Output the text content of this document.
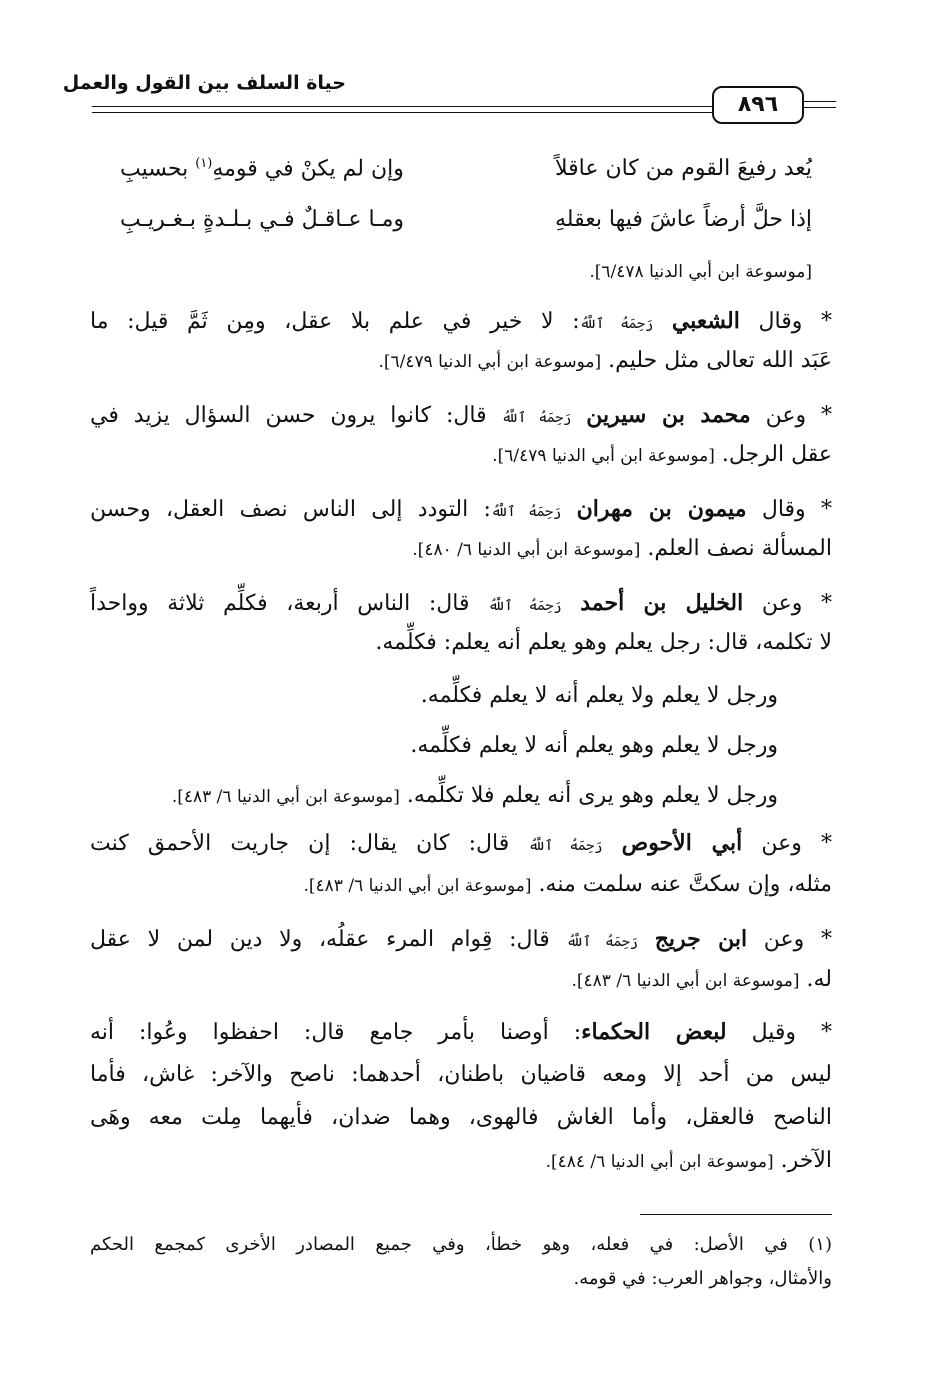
حياة السلف بين القول والعمل
٨٩٦
يُعد رفيعَ القوم من كان عاقلاً
وإن لم يكنْ في قومهِ$^{(١)}$ بحسيبِ
إذا حلَّ أرضاً عاشَ فيها بعقلهِ
ومـا عـاقـلٌ فـي بـلـدةٍ بـغـريـبِ
[موسوعة ابن أبي الدنيا ٦/٤٧٨].
* وقال الشعبي رَحِمَهُ ٱللَّهُ: لا خير في علم بلا عقل، ومِن ثَمَّ قيل: ما
عَبَد الله تعالى مثل حليم. [موسوعة ابن أبي الدنيا ٦/٤٧٩].
* وعن محمد بن سيرين رَحِمَهُ ٱللَّهُ قال: كانوا يرون حسن السؤال يزيد في
عقل الرجل. [موسوعة ابن أبي الدنيا ٦/٤٧٩].
* وقال ميمون بن مهران رَحِمَهُ ٱللَّهُ: التودد إلى الناس نصف العقل، وحسن
المسألة نصف العلم. [موسوعة ابن أبي الدنيا ٦/ ٤٨٠].
* وعن الخليل بن أحمد رَحِمَهُ ٱللَّهُ قال: الناس أربعة، فكلِّم ثلاثة وواحداً
لا تكلمه، قال: رجل يعلم وهو يعلم أنه يعلم: فكلِّمه.
ورجل لا يعلم ولا يعلم أنه لا يعلم فكلِّمه.
ورجل لا يعلم وهو يعلم أنه لا يعلم فكلِّمه.
ورجل لا يعلم وهو يرى أنه يعلم فلا تكلِّمه. [موسوعة ابن أبي الدنيا ٦/ ٤٨٣].
* وعن أبي الأحوص رَحِمَهُ ٱللَّهُ قال: كان يقال: إن جاريت الأحمق كنت
مثله، وإن سكتَّ عنه سلمت منه. [موسوعة ابن أبي الدنيا ٦/ ٤٨٣].
* وعن ابن جريج رَحِمَهُ ٱللَّهُ قال: قِوام المرء عقلُه، ولا دين لمن لا عقل
له. [موسوعة ابن أبي الدنيا ٦/ ٤٨٣].
* وقيل لبعض الحكماء: أوصنا بأمر جامع قال: احفظوا وعُوا: أنه
ليس من أحد إلا ومعه قاضيان باطنان، أحدهما: ناصح والآخر: غاش، فأما
الناصح فالعقل، وأما الغاش فالهوى، وهما ضدان، فأيهما مِلت معه وهَى
الآخر. [موسوعة ابن أبي الدنيا ٦/ ٤٨٤].
(١) في الأصل: في فعله، وهو خطأ، وفي جميع المصادر الأخرى كمجمع الحكم
والأمثال، وجواهر العرب: في قومه.
